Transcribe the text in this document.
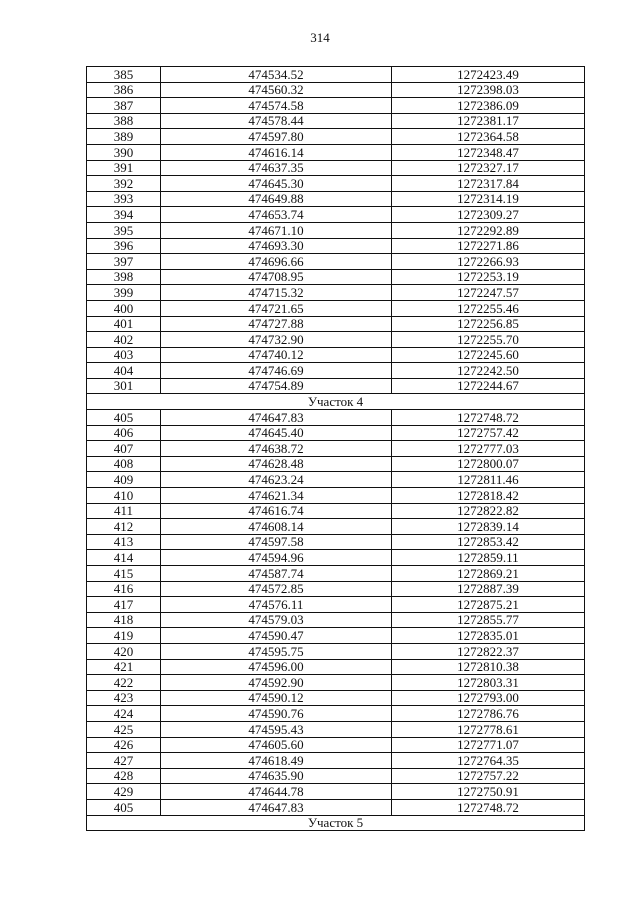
314
385	474534.52	1272423.49
386	474560.32	1272398.03
387	474574.58	1272386.09
388	474578.44	1272381.17
389	474597.80	1272364.58
390	474616.14	1272348.47
391	474637.35	1272327.17
392	474645.30	1272317.84
393	474649.88	1272314.19
394	474653.74	1272309.27
395	474671.10	1272292.89
396	474693.30	1272271.86
397	474696.66	1272266.93
398	474708.95	1272253.19
399	474715.32	1272247.57
400	474721.65	1272255.46
401	474727.88	1272256.85
402	474732.90	1272255.70
403	474740.12	1272245.60
404	474746.69	1272242.50
301	474754.89	1272244.67
Участок 4		
405	474647.83	1272748.72
406	474645.40	1272757.42
407	474638.72	1272777.03
408	474628.48	1272800.07
409	474623.24	1272811.46
410	474621.34	1272818.42
411	474616.74	1272822.82
412	474608.14	1272839.14
413	474597.58	1272853.42
414	474594.96	1272859.11
415	474587.74	1272869.21
416	474572.85	1272887.39
417	474576.11	1272875.21
418	474579.03	1272855.77
419	474590.47	1272835.01
420	474595.75	1272822.37
421	474596.00	1272810.38
422	474592.90	1272803.31
423	474590.12	1272793.00
424	474590.76	1272786.76
425	474595.43	1272778.61
426	474605.60	1272771.07
427	474618.49	1272764.35
428	474635.90	1272757.22
429	474644.78	1272750.91
405	474647.83	1272748.72
Участок 5		
